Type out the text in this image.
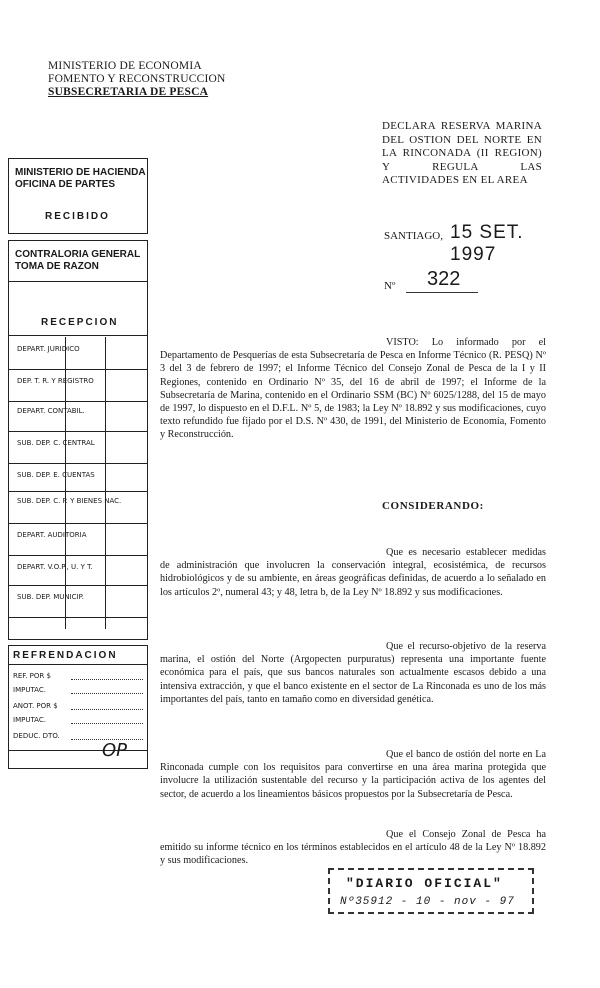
MINISTERIO DE ECONOMIA
FOMENTO Y RECONSTRUCCION
SUBSECRETARIA DE PESCA
DECLARA RESERVA MARINA DEL OSTION DEL NORTE EN LA RINCONADA (II REGION) Y REGULA LAS ACTIVIDADES EN EL AREA
SANTIAGO, 15 SET. 1997
Nº 322
MINISTERIO DE HACIENDA
OFICINA DE PARTES
RECIBIDO
CONTRALORIA GENERAL
TOMA DE RAZON
RECEPCION
DEPART. JURIDICO
DEP. T. R. Y REGISTRO
DEPART. CONTABIL.
SUB. DEP. C. CENTRAL
SUB. DEP. E. CUENTAS
SUB. DEP. C. P. Y BIENES NAC.
DEPART. AUDITORIA
DEPART. V.O.P., U. Y T.
SUB. DEP. MUNICIP.
REFRENDACION
REF. POR $
IMPUTAC.
ANOT. POR $
IMPUTAC.
DEDUC. DTO.
OP
VISTO: Lo informado por el Departamento de Pesquerías de esta Subsecretaría de Pesca en Informe Técnico (R. PESQ) Nº 3 del 3 de febrero de 1997; el Informe Técnico del Consejo Zonal de Pesca de la I y II Regiones, contenido en Ordinario Nº 35, del 16 de abril de 1997; el Informe de la Subsecretaría de Marina, contenido en el Ordinario SSM (BC) Nº 6025/1288, del 15 de mayo de 1997, lo dispuesto en el D.F.L. Nº 5, de 1983; la Ley Nº 18.892 y sus modificaciones, cuyo texto refundido fue fijado por el D.S. Nº 430, de 1991, del Ministerio de Economía, Fomento y Reconstrucción.
CONSIDERANDO:
Que es necesario establecer medidas de administración que involucren la conservación integral, ecosistémica, de recursos hidrobiológicos y de su ambiente, en áreas geográficas definidas, de acuerdo a lo señalado en los artículos 2º, numeral 43; y 48, letra b, de la Ley Nº 18.892 y sus modificaciones.
Que el recurso-objetivo de la reserva marina, el ostión del Norte (Argopecten purpuratus) representa una importante fuente económica para el país, que sus bancos naturales son actualmente escasos debido a una intensiva extracción, y que el banco existente en el sector de La Rinconada es uno de los más importantes del país, tanto en tamaño como en diversidad genética.
Que el banco de ostión del norte en La Rinconada cumple con los requisitos para convertirse en una área marina protegida que involucre la utilización sustentable del recurso y la participación activa de los agentes del sector, de acuerdo a los lineamientos básicos propuestos por la Subsecretaría de Pesca.
Que el Consejo Zonal de Pesca ha emitido su informe técnico en los términos establecidos en el artículo 48 de la Ley Nº 18.892 y sus modificaciones.
"DIARIO OFICIAL"
Nº35912 - 10 - nov - 97
